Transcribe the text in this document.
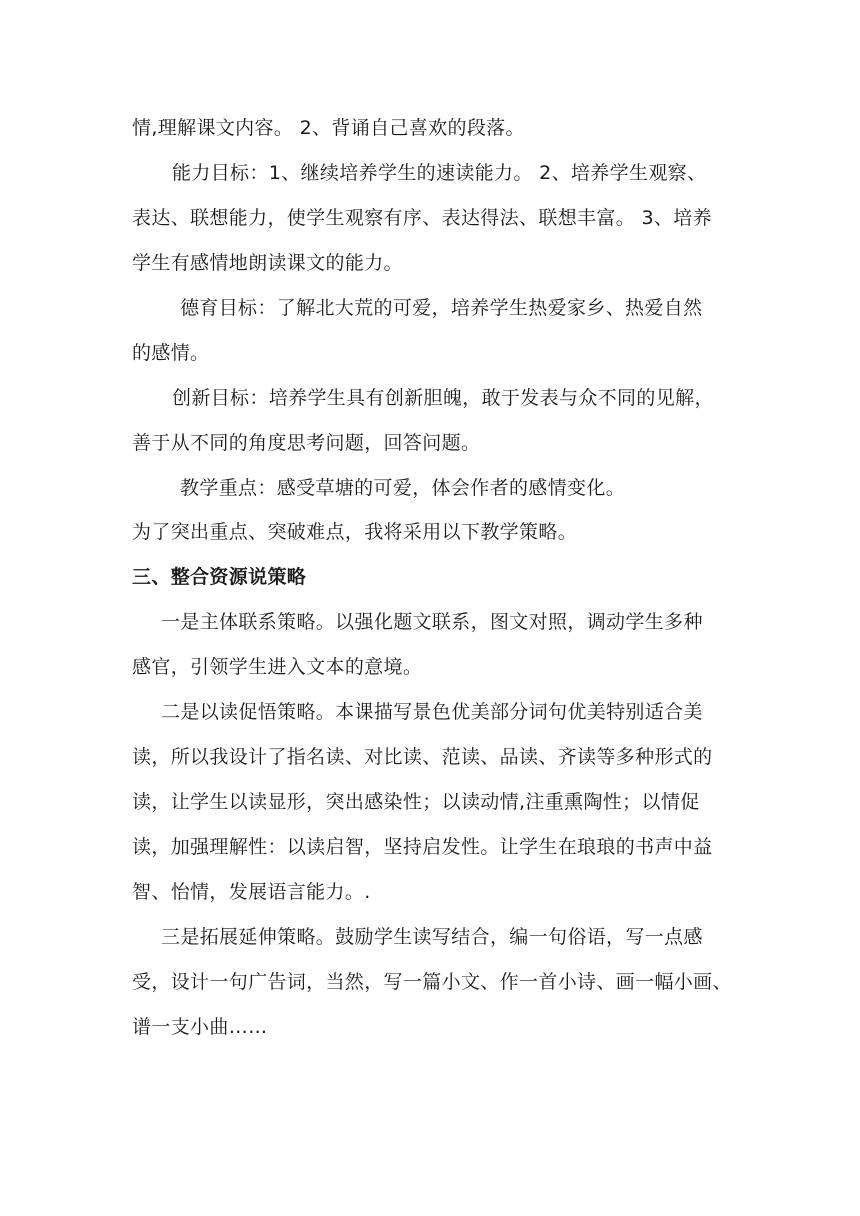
情,理解课文内容。 2、背诵自己喜欢的段落。
能力目标：1、继续培养学生的速读能力。 2、培养学生观察、
表达、联想能力，使学生观察有序、表达得法、联想丰富。 3、培养
学生有感情地朗读课文的能力。
德育目标：了解北大荒的可爱，培养学生热爱家乡、热爱自然
的感情。
创新目标：培养学生具有创新胆魄，敢于发表与众不同的见解，
善于从不同的角度思考问题，回答问题。
教学重点：感受草塘的可爱，体会作者的感情变化。
为了突出重点、突破难点，我将采用以下教学策略。
三、整合资源说策略
一是主体联系策略。以强化题文联系，图文对照，调动学生多种
感官，引领学生进入文本的意境。
二是以读促悟策略。本课描写景色优美部分词句优美特别适合美
读，所以我设计了指名读、对比读、范读、品读、齐读等多种形式的
读，让学生以读显形，突出感染性；以读动情,注重熏陶性；以情促
读，加强理解性：以读启智，坚持启发性。让学生在琅琅的书声中益
智、怡情，发展语言能力。.
三是拓展延伸策略。鼓励学生读写结合，编一句俗语，写一点感
受，设计一句广告词，当然，写一篇小文、作一首小诗、画一幅小画、
谱一支小曲……
